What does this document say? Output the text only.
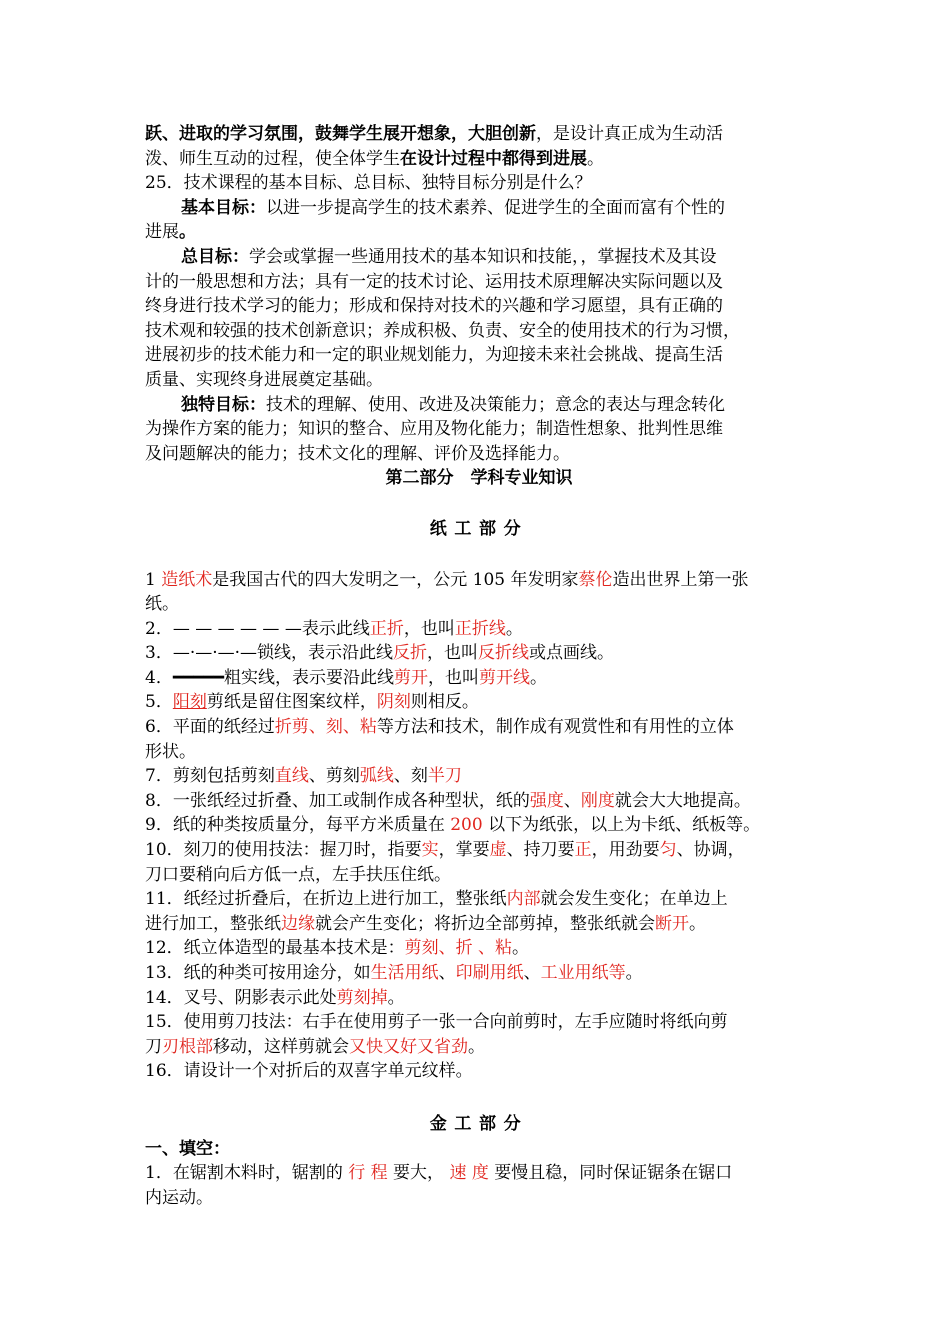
跃、进取的学习氛围，鼓舞学生展开想象，大胆创新，是设计真正成为生动活
泼、师生互动的过程，使全体学生在设计过程中都得到进展。
25．技术课程的基本目标、总目标、独特目标分别是什么？
基本目标：以进一步提高学生的技术素养、促进学生的全面而富有个性的
进展。
总目标：学会或掌握一些通用技术的基本知识和技能，，掌握技术及其设
计的一般思想和方法；具有一定的技术讨论、运用技术原理解决实际问题以及
终身进行技术学习的能力；形成和保持对技术的兴趣和学习愿望，具有正确的
技术观和较强的技术创新意识；养成积极、负责、安全的使用技术的行为习惯，
进展初步的技术能力和一定的职业规划能力，为迎接未来社会挑战、提高生活
质量、实现终身进展奠定基础。
独特目标：技术的理解、使用、改进及决策能力；意念的表达与理念转化
为操作方案的能力；知识的整合、应用及物化能力；制造性想象、批判性思维
及问题解决的能力；技术文化的理解、评价及选择能力。
第二部分　学科专业知识
纸工部分
1 造纸术是我国古代的四大发明之一，公元 105 年发明家蔡伦造出世界上第一张
纸。
2．— — — — — —表示此线正折，也叫正折线。
3．—·—·—·—锁线，表示沿此线反折，也叫反折线或点画线。
4．━━━━━粗实线，表示要沿此线剪开，也叫剪开线。
5．阳刻剪纸是留住图案纹样，阴刻则相反。
6．平面的纸经过折剪、刻、粘等方法和技术，制作成有观赏性和有用性的立体
形状。
7．剪刻包括剪刻直线、剪刻弧线、刻半刀
8．一张纸经过折叠、加工或制作成各种型状，纸的强度、刚度就会大大地提高。
9．纸的种类按质量分，每平方米质量在 200 以下为纸张，以上为卡纸、纸板等。
10．刻刀的使用技法：握刀时，指要实，掌要虚、持刀要正，用劲要匀、协调，
刀口要稍向后方低一点，左手扶压住纸。
11．纸经过折叠后，在折边上进行加工，整张纸内部就会发生变化；在单边上
进行加工，整张纸边缘就会产生变化；将折边全部剪掉，整张纸就会断开。
12．纸立体造型的最基本技术是：剪刻、折 、粘。
13．纸的种类可按用途分，如生活用纸、印刷用纸、工业用纸等。
14．叉号、阴影表示此处剪刻掉。
15．使用剪刀技法：右手在使用剪子一张一合向前剪时，左手应随时将纸向剪
刀刃根部移动，这样剪就会又快又好又省劲。
16．请设计一个对折后的双喜字单元纹样。
金工部分
一、填空：
1．在锯割木料时，锯割的 行 程 要大， 速 度 要慢且稳，同时保证锯条在锯口
内运动。
